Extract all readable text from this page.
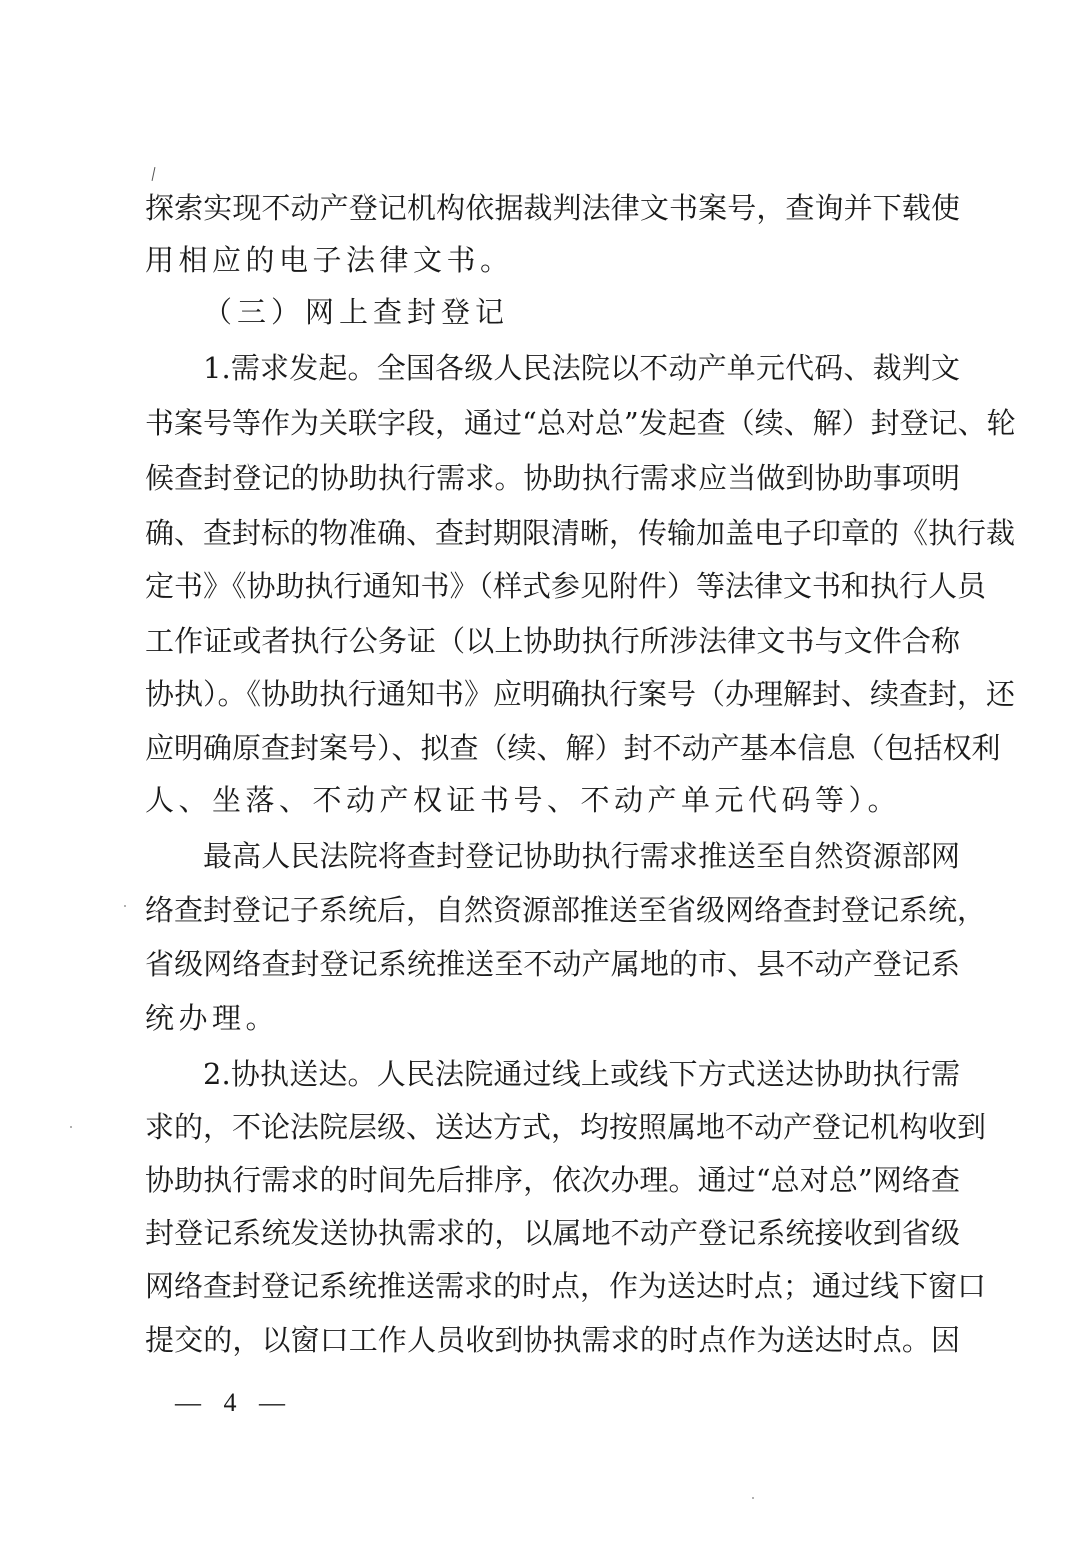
探索实现不动产登记机构依据裁判法律文书案号，查询并下载使
用相应的电子法律文书。
（三）网上查封登记
1.需求发起。全国各级人民法院以不动产单元代码、裁判文
书案号等作为关联字段，通过“总对总”发起查（续、解）封登记、轮
候查封登记的协助执行需求。协助执行需求应当做到协助事项明
确、查封标的物准确、查封期限清晰，传输加盖电子印章的《执行裁
定书》《协助执行通知书》（样式参见附件）等法律文书和执行人员
工作证或者执行公务证（以上协助执行所涉法律文书与文件合称
协执）。《协助执行通知书》应明确执行案号（办理解封、续查封，还
应明确原查封案号）、拟查（续、解）封不动产基本信息（包括权利
人、坐落、不动产权证书号、不动产单元代码等）。
最高人民法院将查封登记协助执行需求推送至自然资源部网
络查封登记子系统后，自然资源部推送至省级网络查封登记系统，
省级网络查封登记系统推送至不动产属地的市、县不动产登记系
统办理。
2.协执送达。人民法院通过线上或线下方式送达协助执行需
求的，不论法院层级、送达方式，均按照属地不动产登记机构收到
协助执行需求的时间先后排序，依次办理。通过“总对总”网络查
封登记系统发送协执需求的，以属地不动产登记系统接收到省级
网络查封登记系统推送需求的时点，作为送达时点；通过线下窗口
提交的，以窗口工作人员收到协执需求的时点作为送达时点。因
— 4 —
